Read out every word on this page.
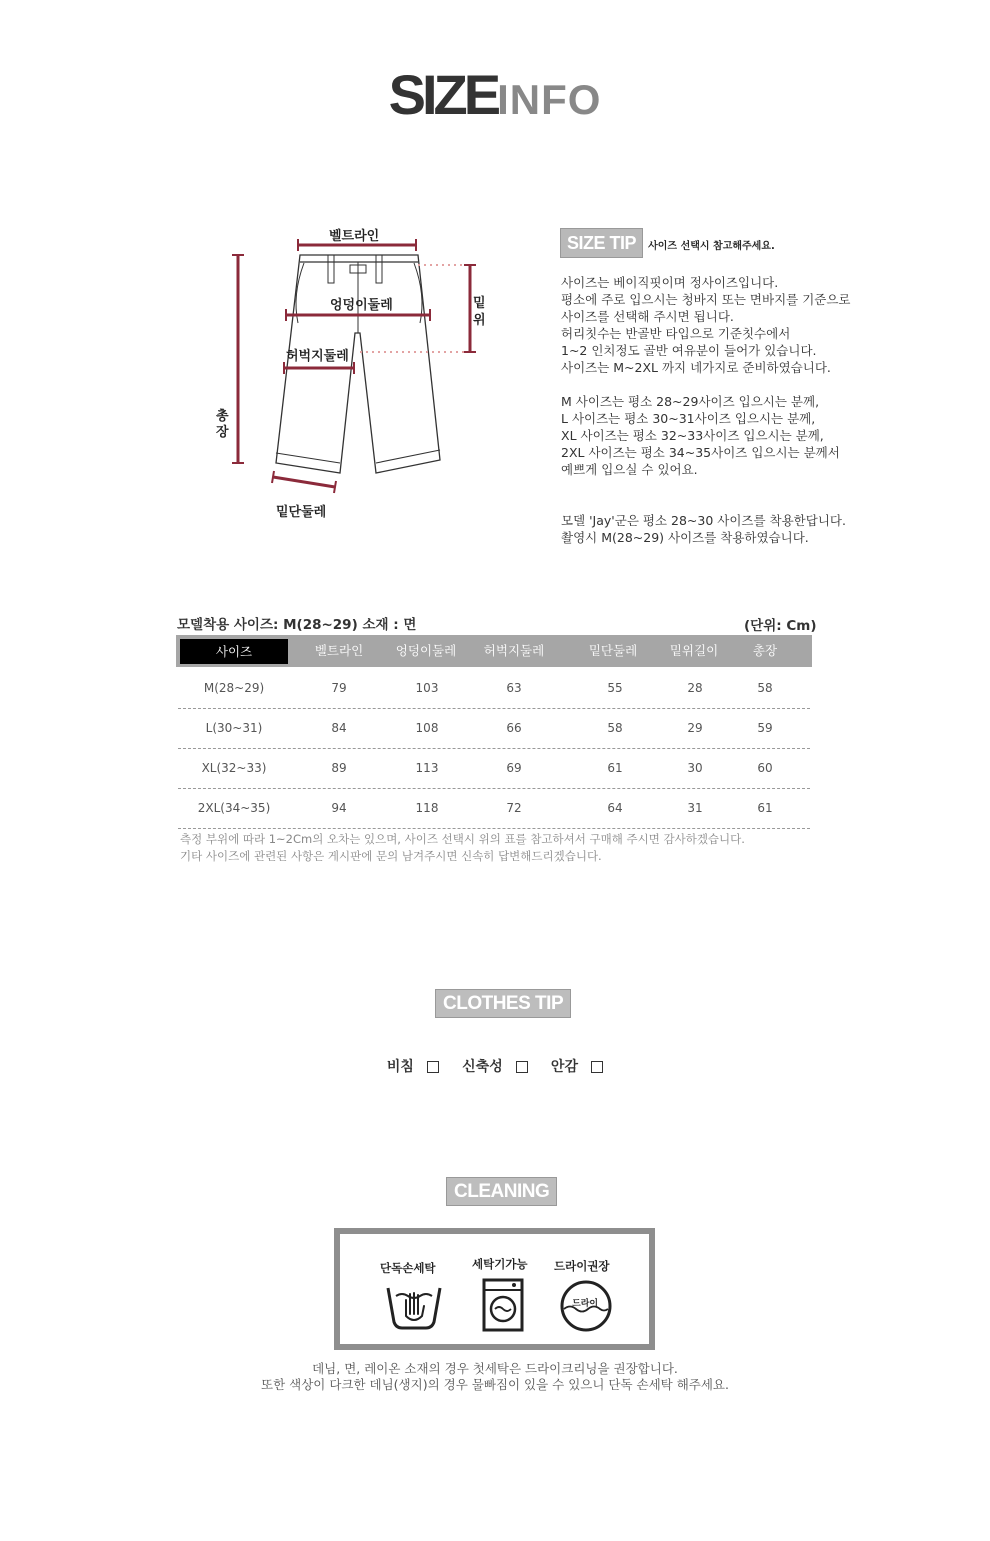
SIZEINFO
벨트라인
엉덩이둘레
허벅지둘레
밑
위
총
장
밑단둘레
SIZE TIP 사이즈 선택시 참고해주세요.
사이즈는 베이직핏이며 정사이즈입니다.
평소에 주로 입으시는 청바지 또는 면바지를 기준으로
사이즈를 선택해 주시면 됩니다.
허리칫수는 반골반 타입으로 기준칫수에서
1~2 인치정도 골반 여유분이 들어가 있습니다.
사이즈는 M~2XL 까지 네가지로 준비하였습니다.
M 사이즈는 평소 28~29사이즈 입으시는 분께,
L 사이즈는 평소 30~31사이즈 입으시는 분께,
XL 사이즈는 평소 32~33사이즈 입으시는 분께,
2XL 사이즈는 평소 34~35사이즈 입으시는 분께서
예쁘게 입으실 수 있어요.
모델 'Jay'군은 평소 28~30 사이즈를 착용한답니다.
촬영시 M(28~29) 사이즈를 착용하였습니다.
모델착용 사이즈: M(28~29) 소재 : 면	(단위: Cm)
사이즈	벨트라인	엉덩이둘레	허벅지둘레	밑단둘레	밑위길이	총장
M(28~29)	79	103	63	55	28	58
L(30~31)	84	108	66	58	29	59
XL(32~33)	89	113	69	61	30	60
2XL(34~35)	94	118	72	64	31	61
측정 부위에 따라 1~2Cm의 오차는 있으며, 사이즈 선택시 위의 표를 참고하셔서 구매해 주시면 감사하겠습니다.
기타 사이즈에 관련된 사항은 게시판에 문의 남겨주시면 신속히 답변해드리겠습니다.
CLOTHES TIP
비침	신축성	안감
CLEANING
단독손세탁	세탁기가능 드라이권장
드라이
데님, 면, 레이온 소재의 경우 첫세탁은 드라이크리닝을 권장합니다.
또한 색상이 다크한 데님(생지)의 경우 물빠짐이 있을 수 있으니 단독 손세탁 해주세요.
